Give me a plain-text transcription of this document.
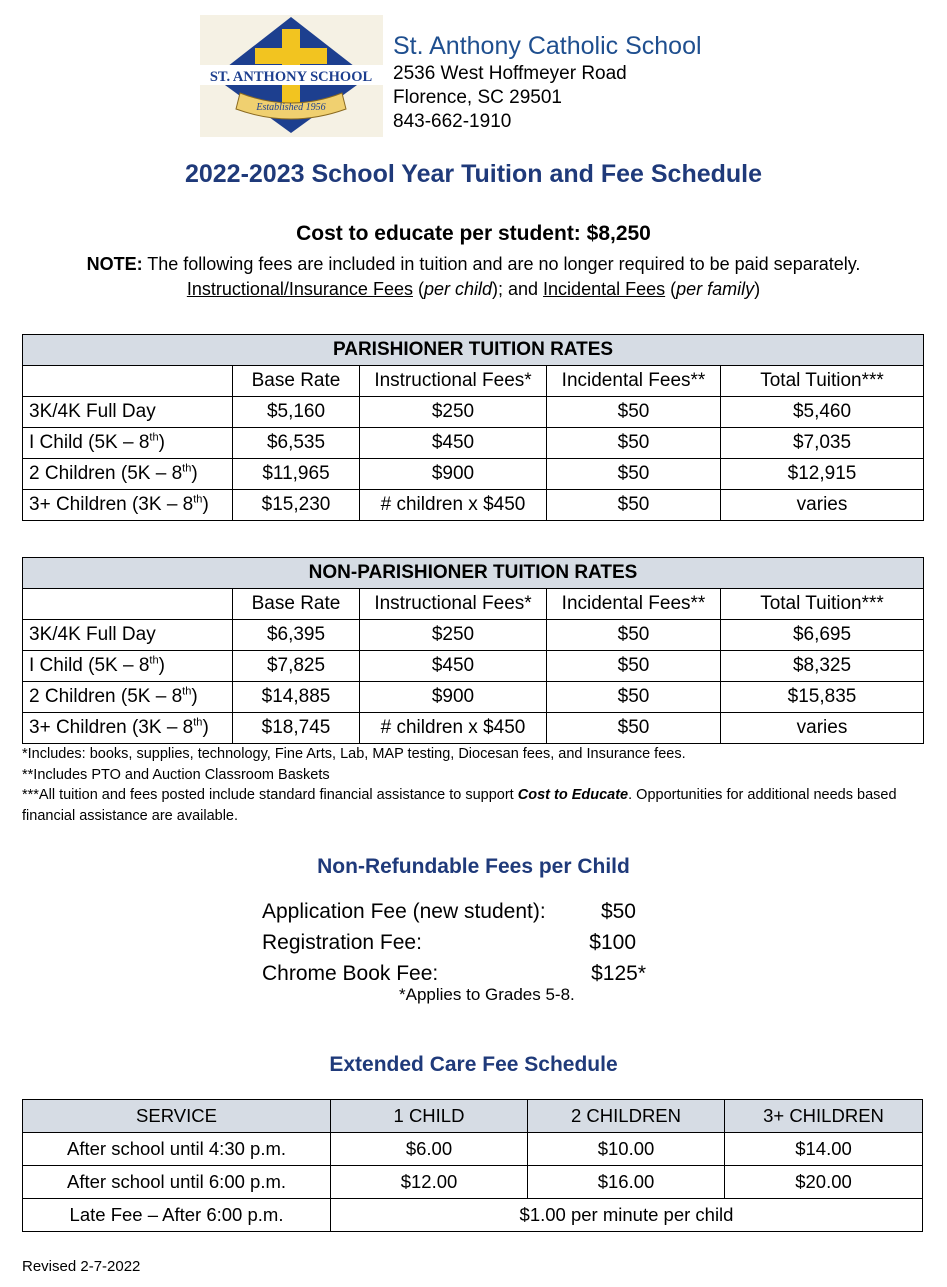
ST. ANTHONY SCHOOL
Established 1956
St. Anthony Catholic School
2536 West Hoffmeyer Road
Florence, SC 29501
843-662-1910
2022-2023 School Year Tuition and Fee Schedule
Cost to educate per student: $8,250
NOTE: The following fees are included in tuition and are no longer required to be paid separately.
Instructional/Insurance Fees (per child); and Incidental Fees (per family)
PARISHIONER TUITION RATES				
	Base Rate	Instructional Fees*	Incidental Fees**	Total Tuition***
3K/4K Full Day	$5,160	$250	$50	$5,460
I Child (5K – 8th)	$6,535	$450	$50	$7,035
2 Children (5K – 8th)	$11,965	$900	$50	$12,915
3+ Children (3K – 8th)	$15,230	# children x $450	$50	varies
NON-PARISHIONER TUITION RATES				
	Base Rate	Instructional Fees*	Incidental Fees**	Total Tuition***
3K/4K Full Day	$6,395	$250	$50	$6,695
I Child (5K – 8th)	$7,825	$450	$50	$8,325
2 Children (5K – 8th)	$14,885	$900	$50	$15,835
3+ Children (3K – 8th)	$18,745	# children x $450	$50	varies
*Includes: books, supplies, technology, Fine Arts, Lab, MAP testing, Diocesan fees, and Insurance fees.
**Includes PTO and Auction Classroom Baskets
***All tuition and fees posted include standard financial assistance to support Cost to Educate. Opportunities for additional needs based financial assistance are available.
Non-Refundable Fees per Child
Application Fee (new student):	$50
Registration Fee:	$100
Chrome Book Fee:	$125*
*Applies to Grades 5-8.
Extended Care Fee Schedule
SERVICE	1 CHILD	2 CHILDREN	3+ CHILDREN
After school until 4:30 p.m.	$6.00	$10.00	$14.00
After school until 6:00 p.m.	$12.00	$16.00	$20.00
Late Fee – After 6:00 p.m.	$1.00 per minute per child		
Revised 2-7-2022
